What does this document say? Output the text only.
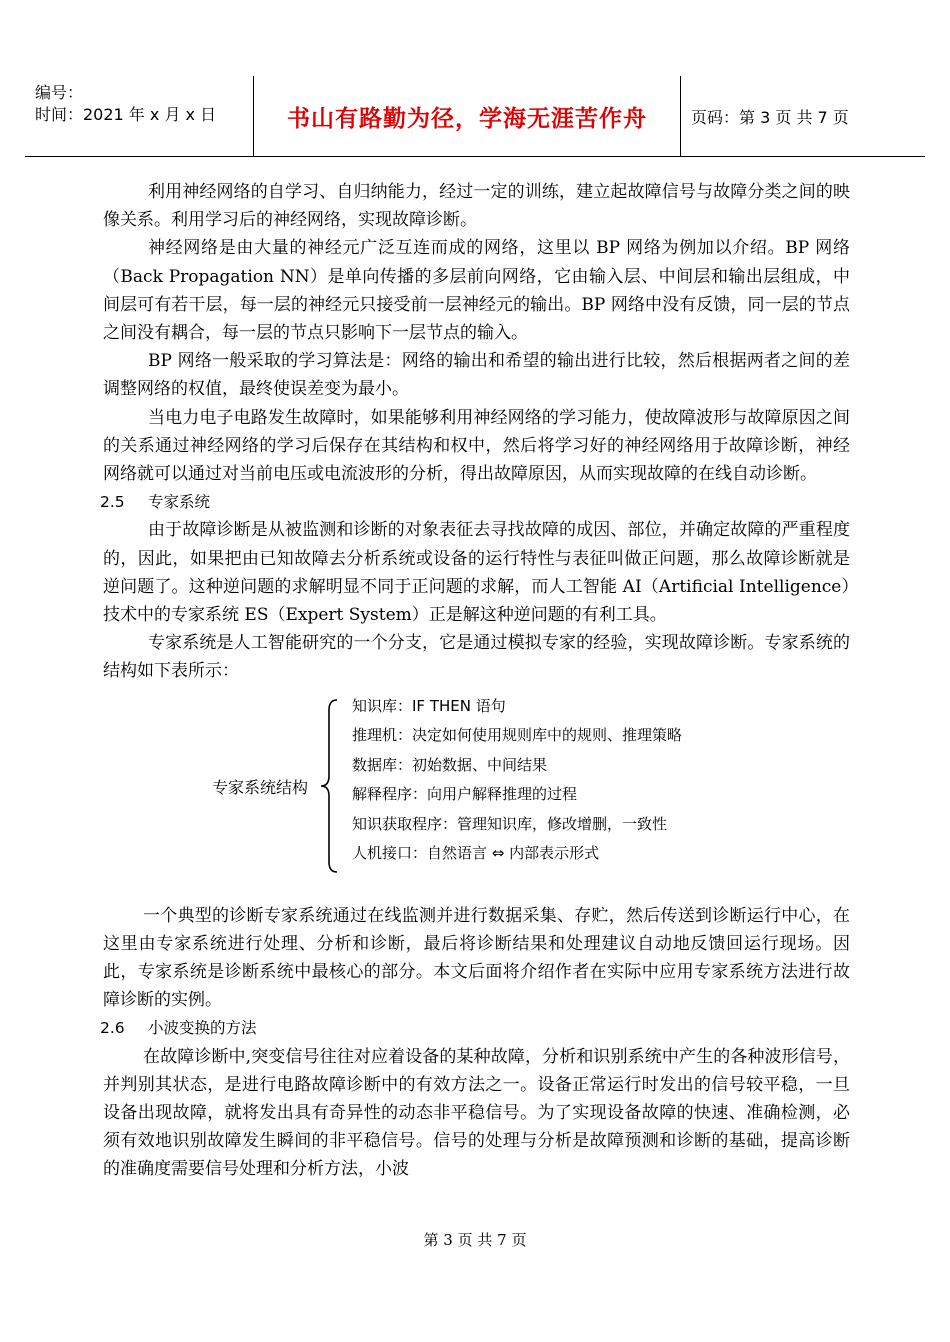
编号：
时间：2021 年 x 月 x 日	书山有路勤为径，学海无涯苦作舟	页码：第 3 页 共 7 页

利用神经网络的自学习、自归纳能力，经过一定的训练，建立起故障信号与故障分类之间的映像关系。利用学习后的神经网络，实现故障诊断。

神经网络是由大量的神经元广泛互连而成的网络，这里以 BP 网络为例加以介绍。BP 网络（Back Propagation NN）是单向传播的多层前向网络，它由输入层、中间层和输出层组成，中间层可有若干层，每一层的神经元只接受前一层神经元的输出。BP 网络中没有反馈，同一层的节点之间没有耦合，每一层的节点只影响下一层节点的输入。

BP 网络一般采取的学习算法是：网络的输出和希望的输出进行比较，然后根据两者之间的差调整网络的权值，最终使误差变为最小。

当电力电子电路发生故障时，如果能够利用神经网络的学习能力，使故障波形与故障原因之间的关系通过神经网络的学习后保存在其结构和权中，然后将学习好的神经网络用于故障诊断，神经网络就可以通过对当前电压或电流波形的分析，得出故障原因，从而实现故障的在线自动诊断。

2.5 专家系统

由于故障诊断是从被监测和诊断的对象表征去寻找故障的成因、部位，并确定故障的严重程度的，因此，如果把由已知故障去分析系统或设备的运行特性与表征叫做正问题，那么故障诊断就是逆问题了。这种逆问题的求解明显不同于正问题的求解，而人工智能 AI（Artificial Intelligence）技术中的专家系统 ES（Expert System）正是解这种逆问题的有利工具。

专家系统是人工智能研究的一个分支，它是通过模拟专家的经验，实现故障诊断。专家系统的结构如下表所示：

专家系统结构
知识库：IF THEN 语句
推理机：决定如何使用规则库中的规则、推理策略
数据库：初始数据、中间结果
解释程序：向用户解释推理的过程
知识获取程序：管理知识库，修改增删，一致性
人机接口：自然语言 ⇔ 内部表示形式

一个典型的诊断专家系统通过在线监测并进行数据采集、存贮，然后传送到诊断运行中心，在这里由专家系统进行处理、分析和诊断，最后将诊断结果和处理建议自动地反馈回运行现场。因此，专家系统是诊断系统中最核心的部分。本文后面将介绍作者在实际中应用专家系统方法进行故障诊断的实例。

2.6 小波变换的方法

在故障诊断中,突变信号往往对应着设备的某种故障，分析和识别系统中产生的各种波形信号，并判别其状态，是进行电路故障诊断中的有效方法之一。设备正常运行时发出的信号较平稳，一旦设备出现故障，就将发出具有奇异性的动态非平稳信号。为了实现设备故障的快速、准确检测，必须有效地识别故障发生瞬间的非平稳信号。信号的处理与分析是故障预测和诊断的基础，提高诊断的准确度需要信号处理和分析方法，小波

第 3 页 共 7 页
